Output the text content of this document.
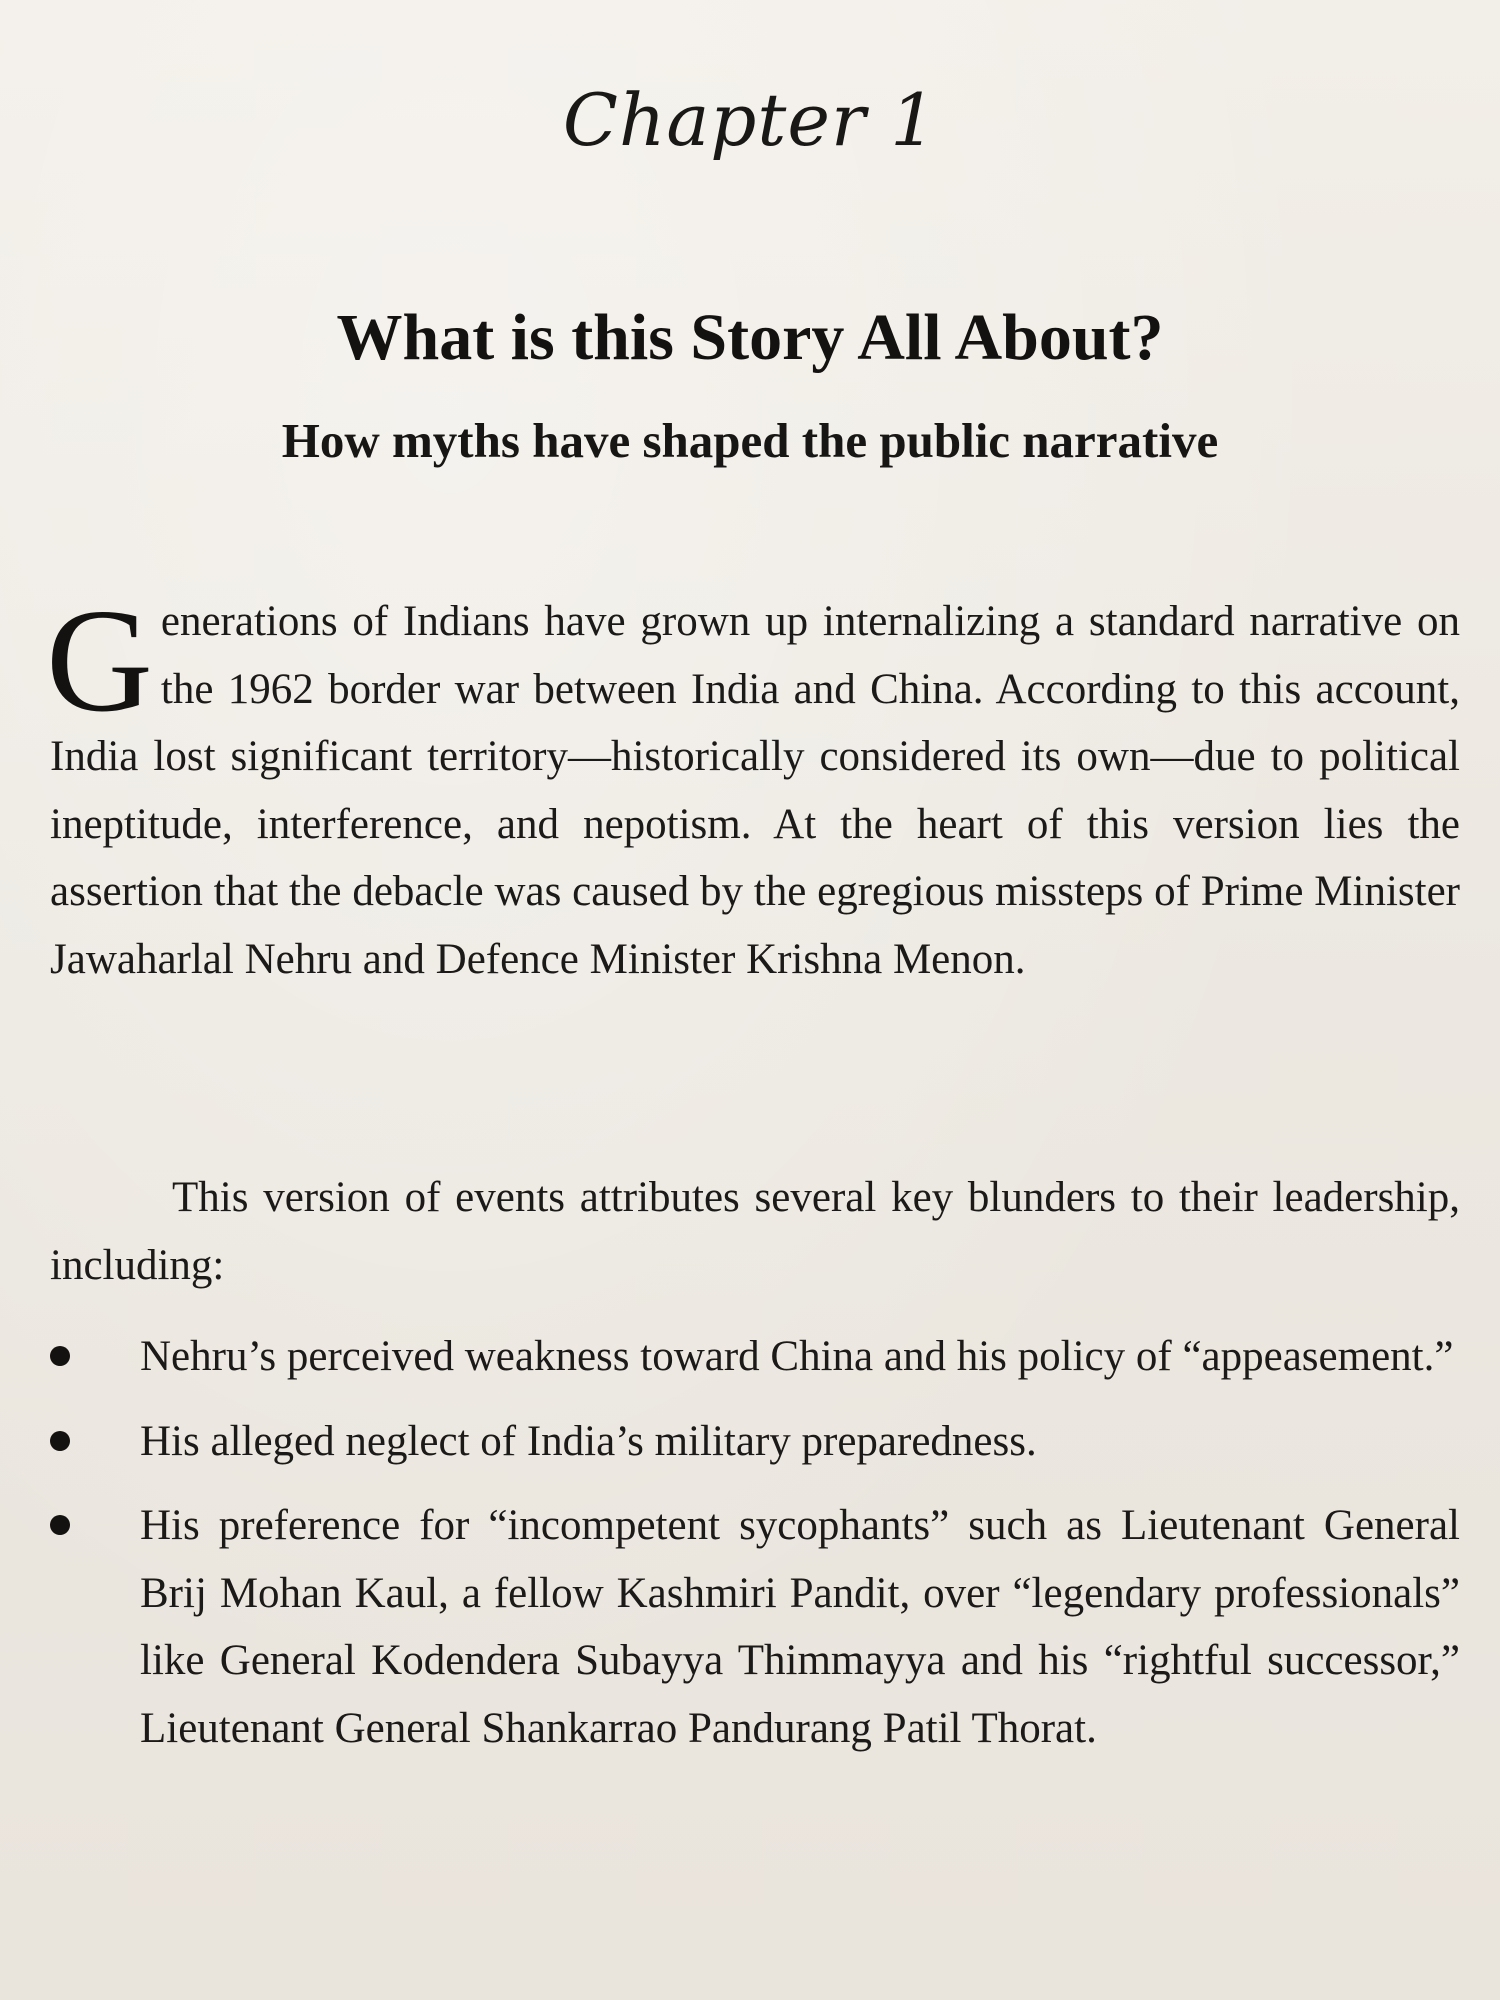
Chapter 1
What is this Story All About?
How myths have shaped the public narrative
Generations of Indians have grown up internalizing a standard narrative on the 1962 border war between India and China. According to this account, India lost significant territory—historically considered its own—due to political ineptitude, interference, and nepotism. At the heart of this version lies the assertion that the debacle was caused by the egregious missteps of Prime Minister Jawaharlal Nehru and Defence Minister Krishna Menon.
This version of events attributes several key blunders to their leadership, including:
Nehru’s perceived weakness toward China and his policy of “appeasement.”
His alleged neglect of India’s military preparedness.
His preference for “incompetent sycophants” such as Lieutenant General Brij Mohan Kaul, a fellow Kashmiri Pandit, over “legendary professionals” like General Kodendera Subayya Thimmayya and his “rightful successor,” Lieutenant General Shankarrao Pandurang Patil Thorat.
